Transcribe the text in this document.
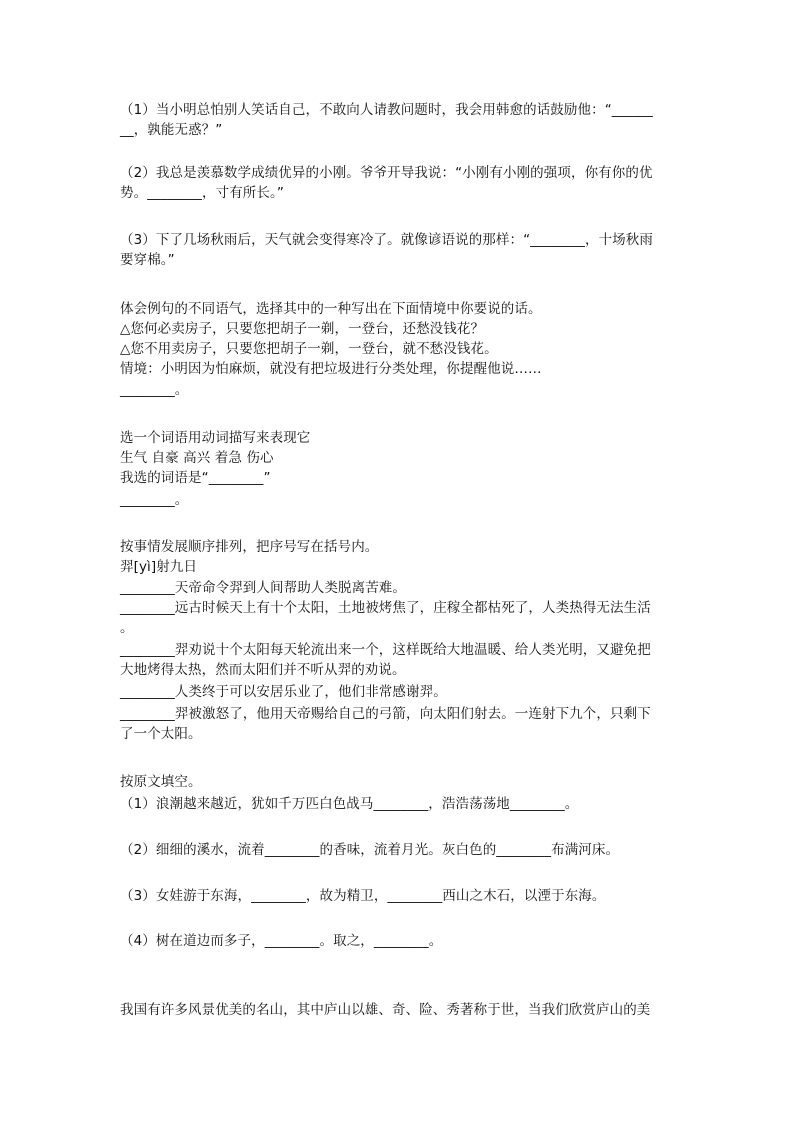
（1）当小明总怕别人笑话自己，不敢向人请教问题时，我会用韩愈的话鼓励他：“______
__，孰能无惑？”
（2）我总是羡慕数学成绩优异的小刚。爷爷开导我说：“小刚有小刚的强项，你有你的优
势。________，寸有所长。”
（3）下了几场秋雨后，天气就会变得寒冷了。就像谚语说的那样：“________，十场秋雨
要穿棉。”
体会例句的不同语气，选择其中的一种写出在下面情境中你要说的话。
△您何必卖房子，只要您把胡子一剃，一登台，还愁没钱花？
△您不用卖房子，只要您把胡子一剃，一登台，就不愁没钱花。
情境：小明因为怕麻烦，就没有把垃圾进行分类处理，你提醒他说……
________。
选一个词语用动词描写来表现它
生气 自豪 高兴 着急 伤心
我选的词语是“________”
________。
按事情发展顺序排列，把序号写在括号内。
羿[yì]射九日
________天帝命令羿到人间帮助人类脱离苦难。
________远古时候天上有十个太阳，土地被烤焦了，庄稼全都枯死了，人类热得无法生活
。
________羿劝说十个太阳每天轮流出来一个，这样既给大地温暖、给人类光明，又避免把
大地烤得太热，然而太阳们并不听从羿的劝说。
________人类终于可以安居乐业了，他们非常感谢羿。
________羿被激怒了，他用天帝赐给自己的弓箭，向太阳们射去。一连射下九个，只剩下
了一个太阳。
按原文填空。
（1）浪潮越来越近，犹如千万匹白色战马________，浩浩荡荡地________。
（2）细细的溪水，流着________的香味，流着月光。灰白色的________布满河床。
（3）女娃游于东海，________，故为精卫，________西山之木石，以湮于东海。
（4）树在道边而多子，________。取之，________。
我国有许多风景优美的名山，其中庐山以雄、奇、险、秀著称于世，当我们欣赏庐山的美
